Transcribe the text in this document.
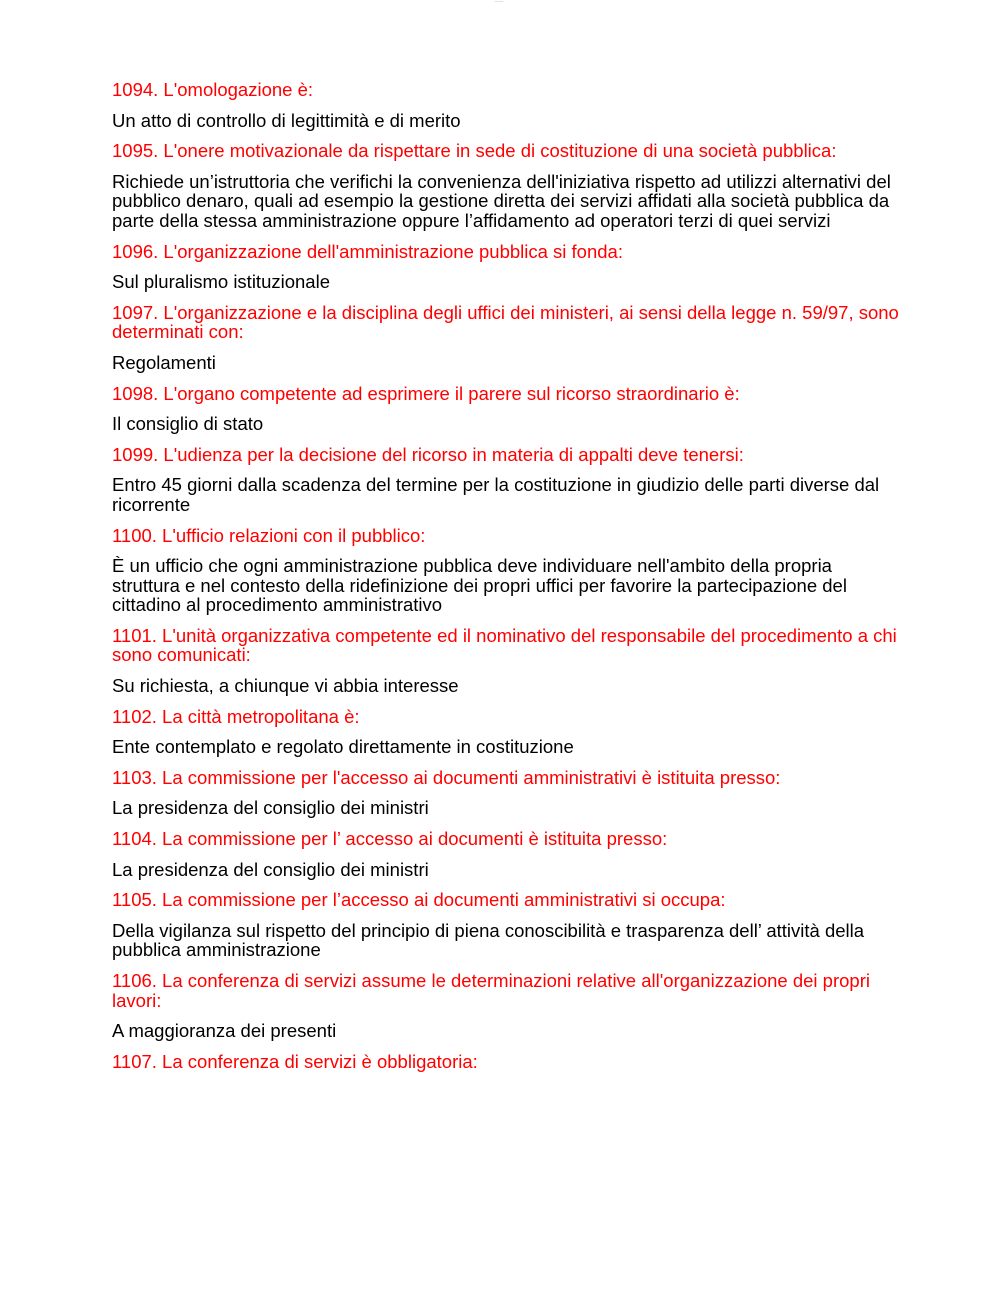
~~~~~

1094. L'omologazione è:

Un atto di controllo di legittimità e di merito

1095. L'onere motivazionale da rispettare in sede di costituzione di una società pubblica:

Richiede un’istruttoria che verifichi la convenienza dell'iniziativa rispetto ad utilizzi alternativi del pubblico denaro, quali ad esempio la gestione diretta dei servizi affidati alla società pubblica da parte della stessa amministrazione oppure l’affidamento ad operatori terzi di quei servizi

1096. L'organizzazione dell'amministrazione pubblica si fonda:

Sul pluralismo istituzionale

1097. L'organizzazione e la disciplina degli uffici dei ministeri, ai sensi della legge n. 59/97, sono determinati con:

Regolamenti

1098. L'organo competente ad esprimere il parere sul ricorso straordinario è:

Il consiglio di stato

1099. L'udienza per la decisione del ricorso in materia di appalti deve tenersi:

Entro 45 giorni dalla scadenza del termine per la costituzione in giudizio delle parti diverse dal ricorrente

1100. L'ufficio relazioni con il pubblico:

È un ufficio che ogni amministrazione pubblica deve individuare nell'ambito della propria struttura e nel contesto della ridefinizione dei propri uffici per favorire la partecipazione del cittadino al procedimento amministrativo

1101. L'unità organizzativa competente ed il nominativo del responsabile del procedimento a chi sono comunicati:

Su richiesta, a chiunque vi abbia interesse

1102. La città metropolitana è:

Ente contemplato e regolato direttamente in costituzione

1103. La commissione per l'accesso ai documenti amministrativi è istituita presso:

La presidenza del consiglio dei ministri

1104. La commissione per l’ accesso ai documenti è istituita presso:

La presidenza del consiglio dei ministri

1105. La commissione per l’accesso ai documenti amministrativi si occupa:

Della vigilanza sul rispetto del principio di piena conoscibilità e trasparenza dell’ attività della pubblica amministrazione

1106. La conferenza di servizi assume le determinazioni relative all'organizzazione dei propri lavori:

A maggioranza dei presenti

1107. La conferenza di servizi è obbligatoria:
